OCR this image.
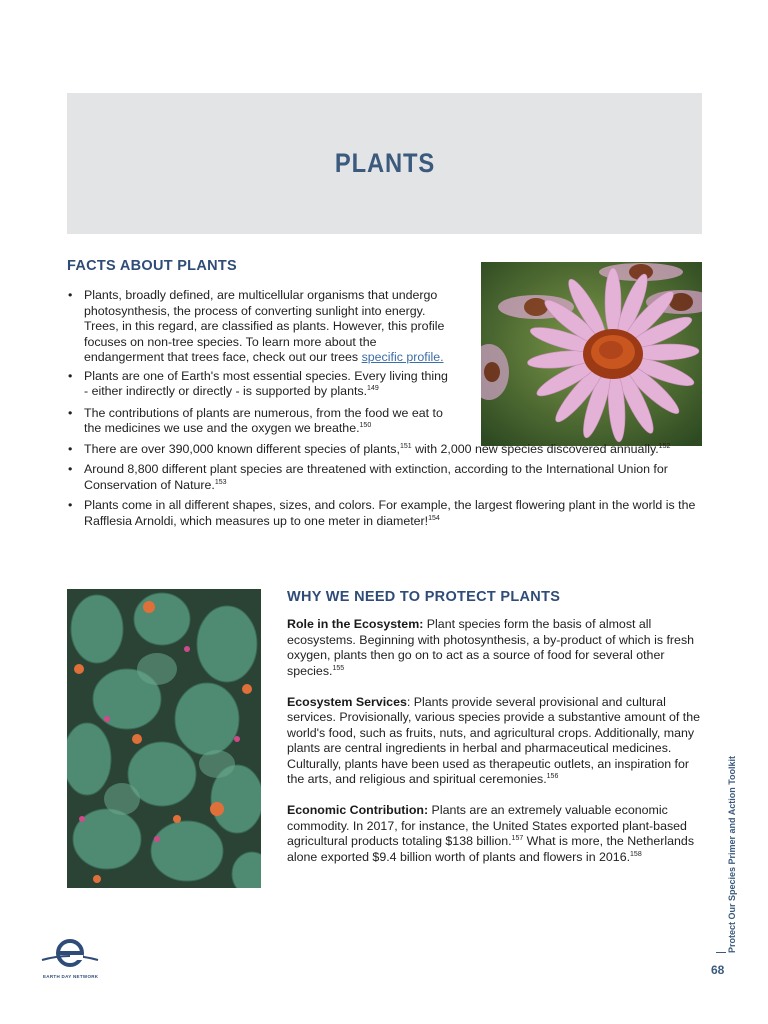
PLANTS
FACTS ABOUT PLANTS
• Plants, broadly defined, are multicellular organisms that undergo photosynthesis, the process of converting sunlight into energy. Trees, in this regard, are classified as plants. However, this profile focuses on non-tree species. To learn more about the endangerment that trees face, check out our trees specific profile.
• Plants are one of Earth's most essential species. Every living thing - either indirectly or directly - is supported by plants.$^{149}$
• The contributions of plants are numerous, from the food we eat to the medicines we use and the oxygen we breathe.$^{150}$
• There are over 390,000 known different species of plants,$^{151}$ with 2,000 new species discovered annually.$^{152}$
• Around 8,800 different plant species are threatened with extinction, according to the International Union for Conservation of Nature.$^{153}$
• Plants come in all different shapes, sizes, and colors. For example, the largest flowering plant in the world is the Rafflesia Arnoldi, which measures up to one meter in diameter!$^{154}$
WHY WE NEED TO PROTECT PLANTS

Role in the Ecosystem: Plant species form the basis of almost all ecosystems. Beginning with photosynthesis, a by-product of which is fresh oxygen, plants then go on to act as a source of food for several other species.$^{155}$

Ecosystem Services: Plants provide several provisional and cultural services. Provisionally, various species provide a substantive amount of the world's food, such as fruits, nuts, and agricultural crops. Additionally, many plants are central ingredients in herbal and pharmaceutical medicines. Culturally, plants have been used as therapeutic outlets, an inspiration for the arts, and religious and spiritual ceremonies.$^{156}$

Economic Contribution: Plants are an extremely valuable economic commodity. In 2017, for instance, the United States exported plant-based agricultural products totaling $138 billion.$^{157}$ What is more, the Netherlands alone exported $9.4 billion worth of plants and flowers in 2016.$^{158}$

EARTH DAY NETWORK
Protect Our Species Primer and Action Toolkit
68
